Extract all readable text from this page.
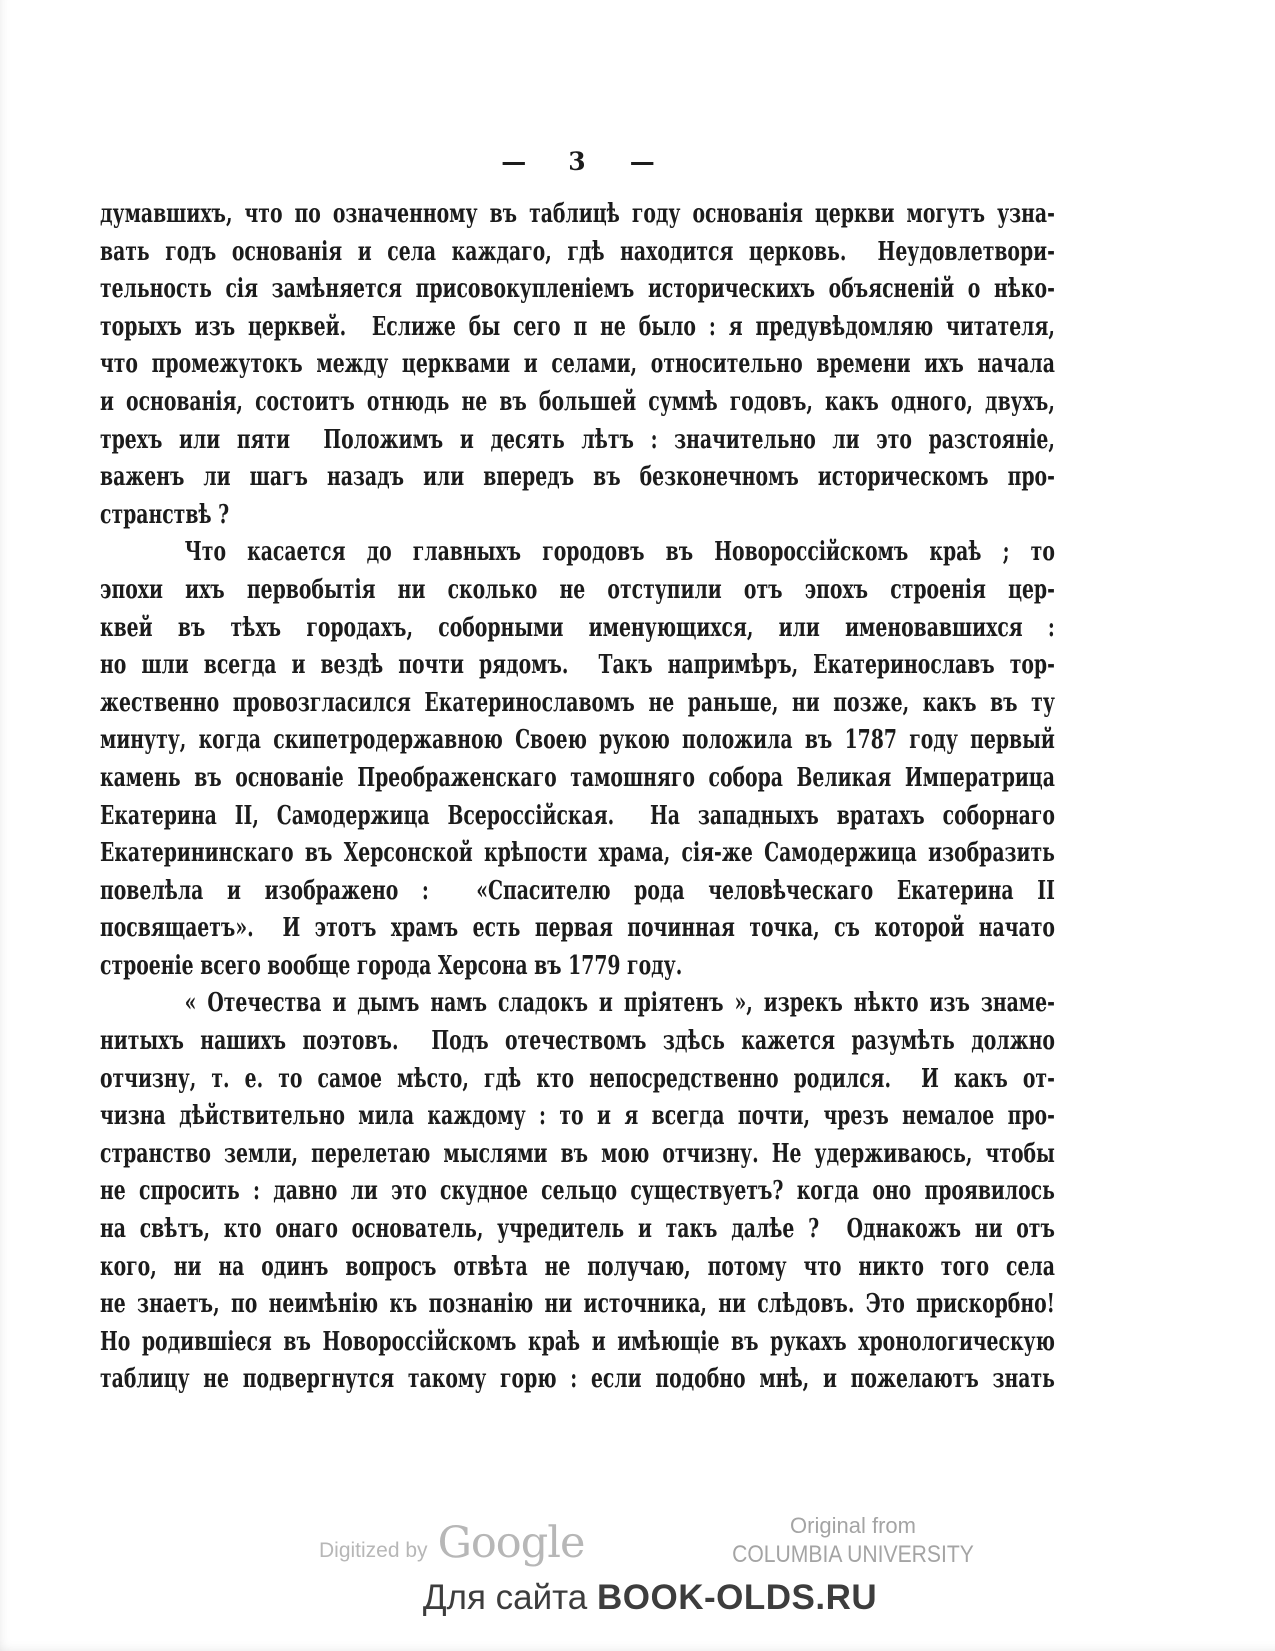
— 3 —
думавшихъ, что по означенному въ таблицѣ году основанія церкви могутъ узна-
вать годъ основанія и села каждаго, гдѣ находится церковь.  Неудовлетвори-
тельность сія замѣняется присовокупленіемъ историческихъ объясненій о нѣко-
торыхъ изъ церквей.  Еслиже бы сего п не было : я предувѣдомляю читателя,
что промежутокъ между церквами и селами, относительно времени ихъ начала
и основанія, состоитъ отнюдь не въ большей суммѣ годовъ, какъ одного, двухъ,
трехъ или пяти  Положимъ и десять лѣтъ : значительно ли это разстояніе,
важенъ ли шагъ назадъ или впередъ въ безконечномъ историческомъ про-
странствѣ ?
Что касается до главныхъ городовъ въ Новороссійскомъ краѣ ; то
эпохи ихъ первобытія ни сколько не отступили отъ эпохъ строенія цер-
квей въ тѣхъ городахъ, соборными именующихся, или именовавшихся :
но шли всегда и вездѣ почти рядомъ.  Такъ напримѣръ, Екатеринославъ тор-
жественно провозгласился Екатеринославомъ не раньше, ни позже, какъ въ ту
минуту, когда скипетродержавною Своею рукою положила въ 1787 году первый
камень въ основаніе Преображенскаго тамошняго собора Великая Императрица
Екатерина II, Самодержица Всероссійская.  На западныхъ вратахъ соборнаго
Екатерининскаго въ Херсонской крѣпости храма, сія-же Самодержица изобразить
повелѣла и изображено :  «Спасителю рода человѣческаго Екатерина II
посвящаетъ».  И этотъ храмъ есть первая починная точка, съ которой начато
строеніе всего вообще города Херсона въ 1779 году.
« Отечества и дымъ намъ сладокъ и пріятенъ », изрекъ нѣкто изъ знаме-
нитыхъ нашихъ поэтовъ.  Подъ отечествомъ здѣсь кажется разумѣть должно
отчизну, т. е. то самое мѣсто, гдѣ кто непосредственно родился.  И какъ от-
чизна дѣйствительно мила каждому : то и я всегда почти, чрезъ немалое про-
странство земли, перелетаю мыслями въ мою отчизну. Не удерживаюсь, чтобы
не спросить : давно ли это скудное сельцо существуетъ? когда оно проявилось
на свѣтъ, кто онаго основатель, учредитель и такъ далѣе ?  Однакожъ ни отъ
кого, ни на одинъ вопросъ отвѣта не получаю, потому что никто того села
не знаетъ, по неимѣнію къ познанію ни источника, ни слѣдовъ. Это прискорбно!
Но родившіеся въ Новороссійскомъ краѣ и имѣющіе въ рукахъ хронологическую
таблицу не подвергнутся такому горю : если подобно мнѣ, и пожелаютъ знать
Digitized by Google	Original from
COLUMBIA UNIVERSITY
Для сайта BOOK-OLDS.RU
